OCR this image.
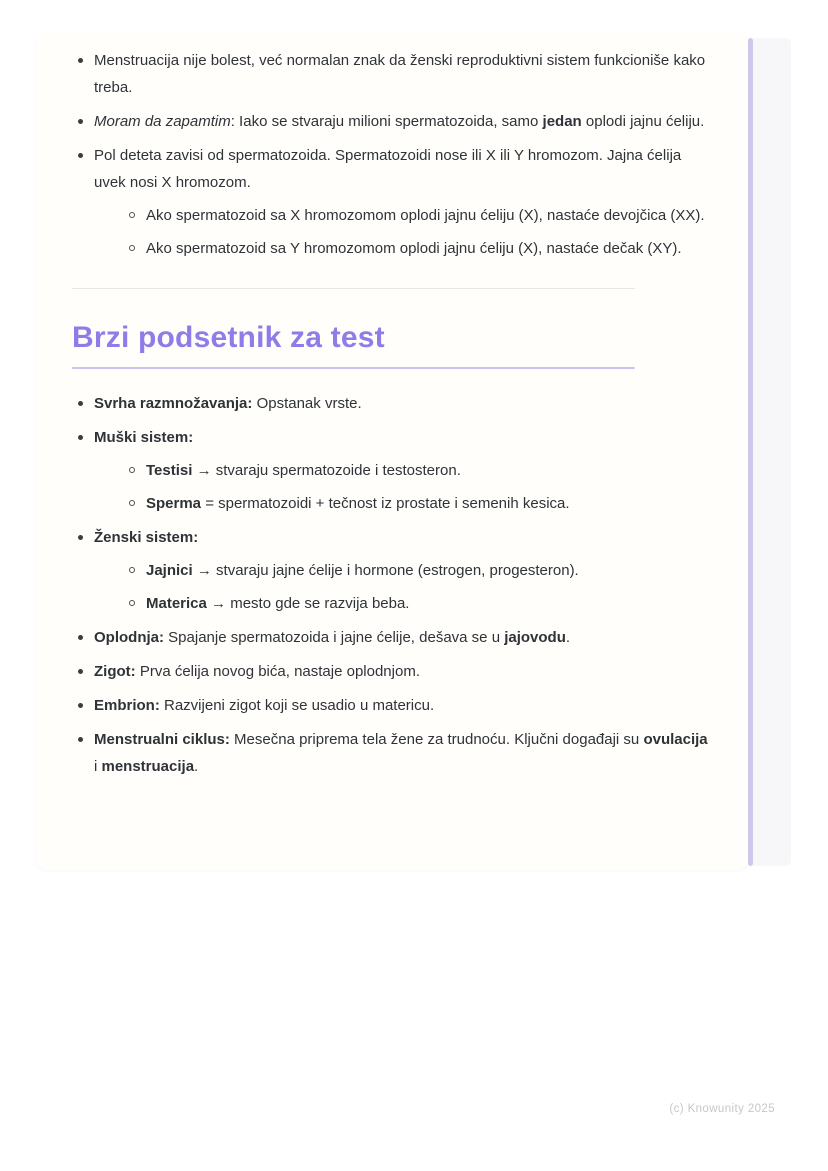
Menstruacija nije bolest, već normalan znak da ženski reproduktivni sistem funkcioniše kako treba.
Moram da zapamtim: Iako se stvaraju milioni spermatozoida, samo jedan oplodi jajnu ćeliju.
Pol deteta zavisi od spermatozoida. Spermatozoidi nose ili X ili Y hromozom. Jajna ćelija uvek nosi X hromozom.
Ako spermatozoid sa X hromozomom oplodi jajnu ćeliju (X), nastaće devojčica (XX).
Ako spermatozoid sa Y hromozomom oplodi jajnu ćeliju (X), nastaće dečak (XY).
Brzi podsetnik za test
Svrha razmnožavanja: Opstanak vrste.
Muški sistem:
Testisi → stvaraju spermatozoide i testosteron.
Sperma = spermatozoidi + tečnost iz prostate i semenih kesica.
Ženski sistem:
Jajnici → stvaraju jajne ćelije i hormone (estrogen, progesteron).
Materica → mesto gde se razvija beba.
Oplodnja: Spajanje spermatozoida i jajne ćelije, dešava se u jajovodu.
Zigot: Prva ćelija novog bića, nastaje oplodnjom.
Embrion: Razvijeni zigot koji se usadio u matericu.
Menstrualni ciklus: Mesečna priprema tela žene za trudnoću. Ključni događaji su ovulacija i menstruacija.
(c) Knowunity 2025
